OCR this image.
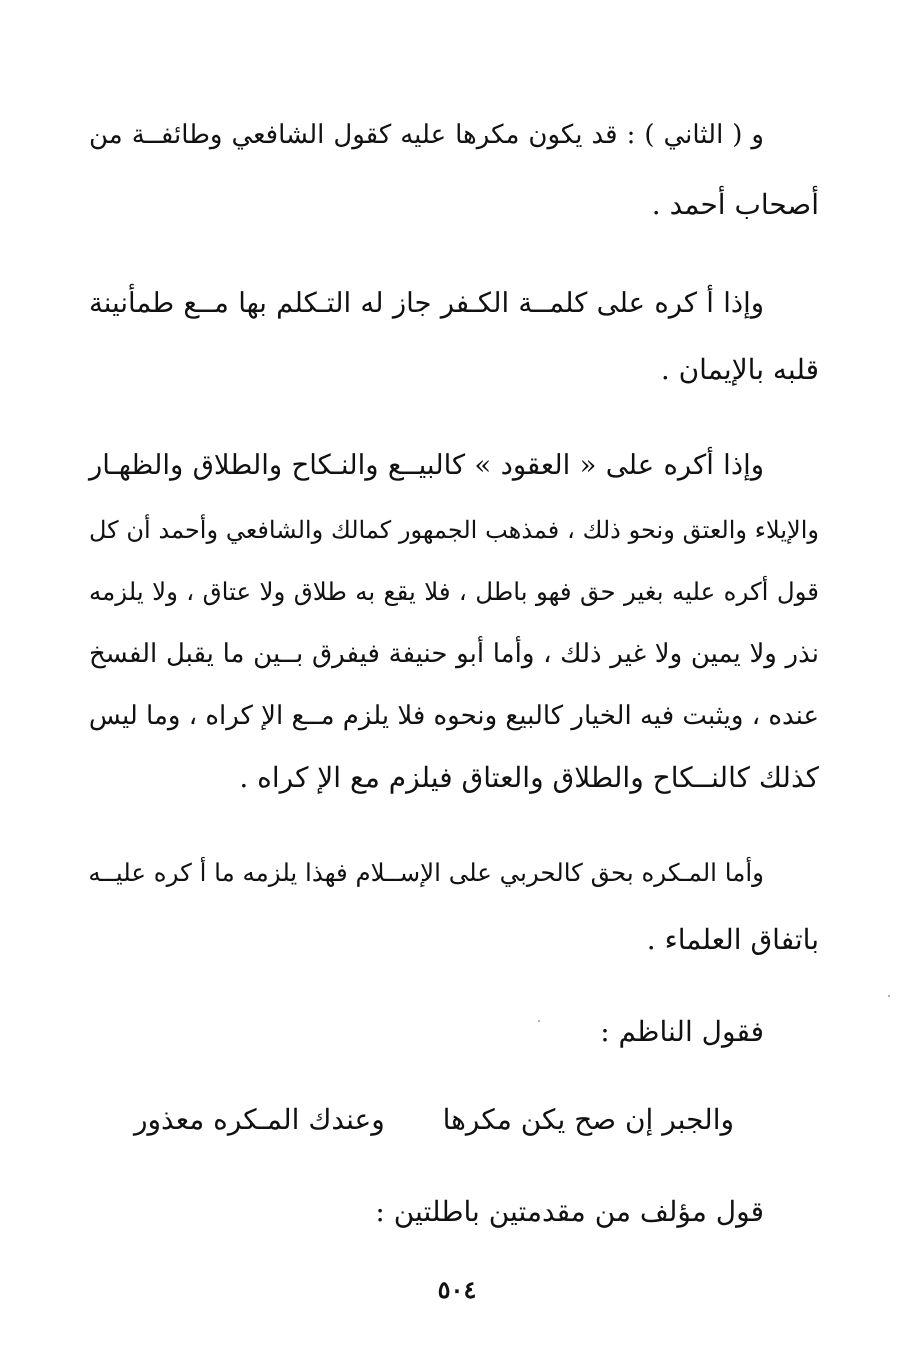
و ( الثاني ) : قد يكون مكرها عليه كقول الشافعي وطائفــة من
أصحاب أحمد .
وإذا أ كره على كلمــة الكـفر جاز له التـكلم بها مــع طمأنينة
قلبه بالإيمان .
وإذا أكره على « العقود » كالبيــع والنـكاح والطلاق والظهـار
والإيلاء والعتق ونحو ذلك ، فمذهب الجمهور كمالك والشافعي وأحمد أن كل
قول أكره عليه بغير حق فهو باطل ، فلا يقع به طلاق ولا عتاق ، ولا يلزمه
نذر ولا يمين ولا غير ذلك ، وأما أبو حنيفة فيفرق بــين ما يقبل الفسخ
عنده ، ويثبت فيه الخيار كالبيع ونحوه فلا يلزم مــع الإ كراه ، وما ليس
كذلك كالنــكاح والطلاق والعتاق فيلزم مع الإ كراه .
وأما المـكره بحق كالحربي على الإســلام فهذا يلزمه ما أ كره عليــه
باتفاق العلماء .
فقول الناظم :
والجبر إن صح يكن مكرها
وعندك المـكره معذور
قول مؤلف من مقدمتين باطلتين :
٥٠٤
